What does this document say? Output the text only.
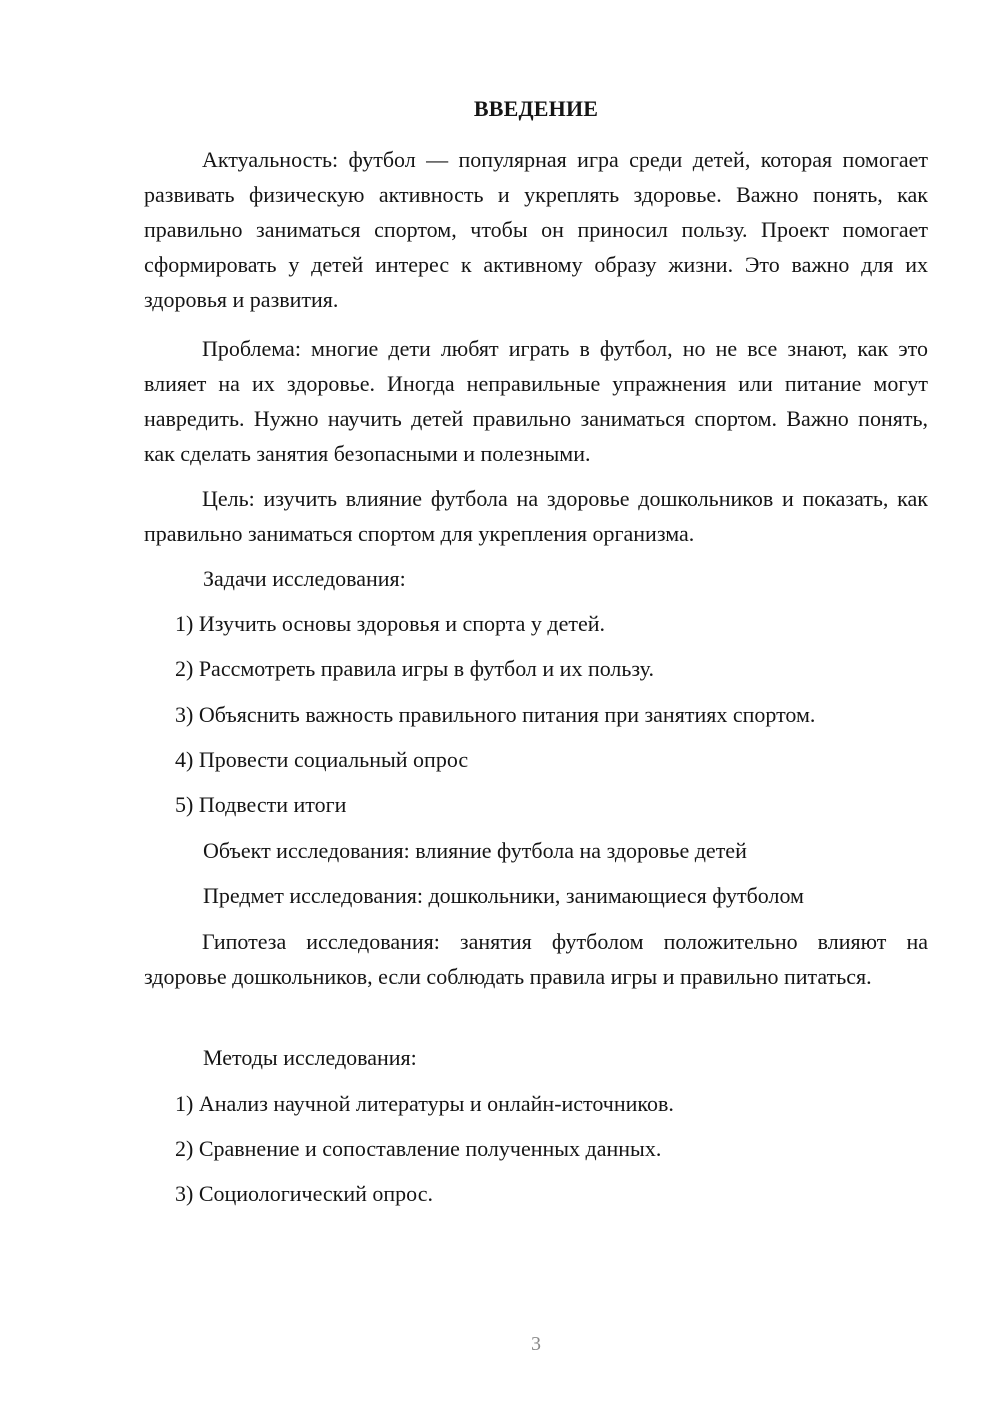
ВВЕДЕНИЕ

Актуальность: футбол — популярная игра среди детей, которая помогает развивать физическую активность и укреплять здоровье. Важно понять, как правильно заниматься спортом, чтобы он приносил пользу. Проект помогает сформировать у детей интерес к активному образу жизни. Это важно для их здоровья и развития.

Проблема: многие дети любят играть в футбол, но не все знают, как это влияет на их здоровье. Иногда неправильные упражнения или питание могут навредить. Нужно научить детей правильно заниматься спортом. Важно понять, как сделать занятия безопасными и полезными.

Цель: изучить влияние футбола на здоровье дошкольников и показать, как правильно заниматься спортом для укрепления организма.

Задачи исследования:
1) Изучить основы здоровья и спорта у детей.
2) Рассмотреть правила игры в футбол и их пользу.
3) Объяснить важность правильного питания при занятиях спортом.
4) Провести социальный опрос
5) Подвести итоги
Объект исследования: влияние футбола на здоровье детей
Предмет исследования: дошкольники, занимающиеся футболом

Гипотеза исследования: занятия футболом положительно влияют на здоровье дошкольников, если соблюдать правила игры и правильно питаться.

Методы исследования:
1) Анализ научной литературы и онлайн-источников.
2) Сравнение и сопоставление полученных данных.
3) Социологический опрос.
3
